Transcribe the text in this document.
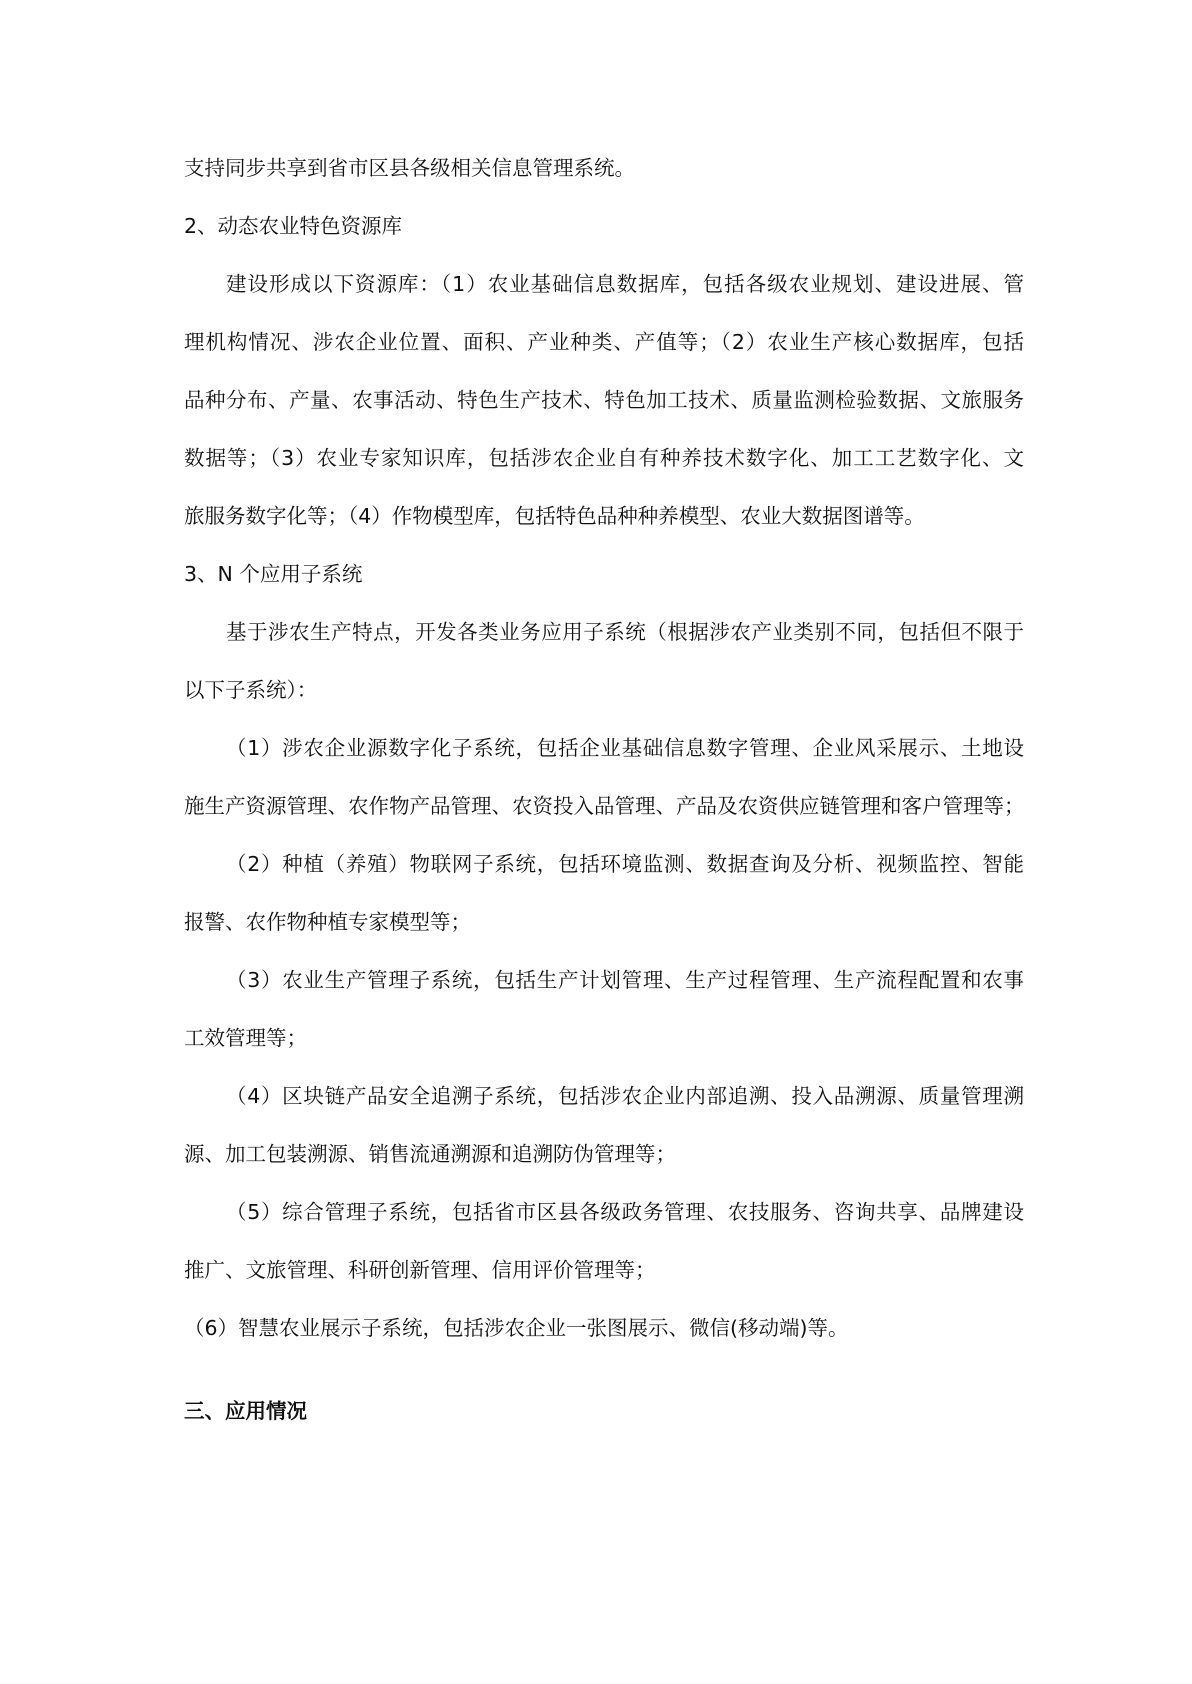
支持同步共享到省市区县各级相关信息管理系统。
2、动态农业特色资源库
建设形成以下资源库：（1）农业基础信息数据库，包括各级农业规划、建设进展、管
理机构情况、涉农企业位置、面积、产业种类、产值等；（2）农业生产核心数据库，包括
品种分布、产量、农事活动、特色生产技术、特色加工技术、质量监测检验数据、文旅服务
数据等；（3）农业专家知识库，包括涉农企业自有种养技术数字化、加工工艺数字化、文
旅服务数字化等；（4）作物模型库，包括特色品种种养模型、农业大数据图谱等。
3、N 个应用子系统
基于涉农生产特点，开发各类业务应用子系统（根据涉农产业类别不同，包括但不限于
以下子系统）：
（1）涉农企业源数字化子系统，包括企业基础信息数字管理、企业风采展示、土地设
施生产资源管理、农作物产品管理、农资投入品管理、产品及农资供应链管理和客户管理等；
（2）种植（养殖）物联网子系统，包括环境监测、数据查询及分析、视频监控、智能
报警、农作物种植专家模型等；
（3）农业生产管理子系统，包括生产计划管理、生产过程管理、生产流程配置和农事
工效管理等；
（4）区块链产品安全追溯子系统，包括涉农企业内部追溯、投入品溯源、质量管理溯
源、加工包装溯源、销售流通溯源和追溯防伪管理等；
（5）综合管理子系统，包括省市区县各级政务管理、农技服务、咨询共享、品牌建设
推广、文旅管理、科研创新管理、信用评价管理等；
（6）智慧农业展示子系统，包括涉农企业一张图展示、微信(移动端)等。
三、应用情况
